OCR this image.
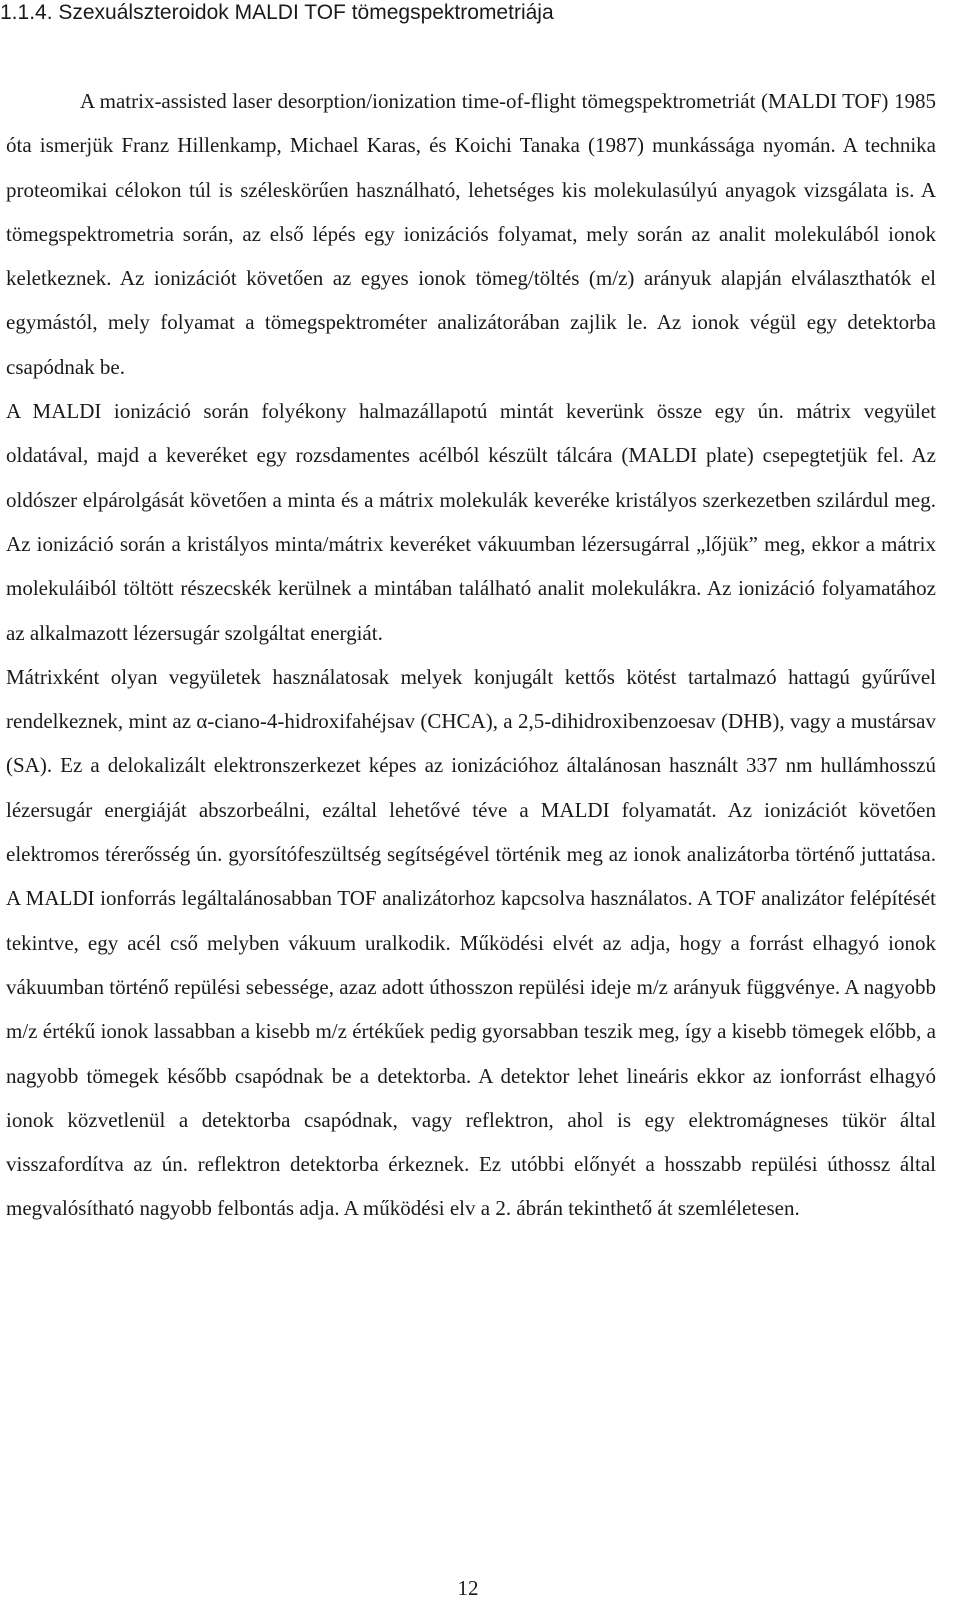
1.1.4. Szexuálszteroidok MALDI TOF tömegspektrometriája

A matrix-assisted laser desorption/ionization time-of-flight tömegspektrometriát (MALDI TOF) 1985 óta ismerjük Franz Hillenkamp, Michael Karas, és Koichi Tanaka (1987) munkássága nyomán. A technika proteomikai célokon túl is széleskörűen használható, lehetséges kis molekulasúlyú anyagok vizsgálata is. A tömegspektrometria során, az első lépés egy ionizációs folyamat, mely során az analit molekulából ionok keletkeznek. Az ionizációt követően az egyes ionok tömeg/töltés (m/z) arányuk alapján elválaszthatók el egymástól, mely folyamat a tömegspektrométer analizátorában zajlik le. Az ionok végül egy detektorba csapódnak be.

A MALDI ionizáció során folyékony halmazállapotú mintát keverünk össze egy ún. mátrix vegyület oldatával, majd a keveréket egy rozsdamentes acélból készült tálcára (MALDI plate) csepegtetjük fel. Az oldószer elpárolgását követően a minta és a mátrix molekulák keveréke kristályos szerkezetben szilárdul meg. Az ionizáció során a kristályos minta/mátrix keveréket vákuumban lézersugárral „lőjük” meg, ekkor a mátrix molekuláiból töltött részecskék kerülnek a mintában található analit molekulákra. Az ionizáció folyamatához az alkalmazott lézersugár szolgáltat energiát.

Mátrixként olyan vegyületek használatosak melyek konjugált kettős kötést tartalmazó hattagú gyűrűvel rendelkeznek, mint az α-ciano-4-hidroxifahéjsav (CHCA), a 2,5-dihidroxibenzoesav (DHB), vagy a mustársav (SA). Ez a delokalizált elektronszerkezet képes az ionizációhoz általánosan használt 337 nm hullámhosszú lézersugár energiáját abszorbeálni, ezáltal lehetővé téve a MALDI folyamatát. Az ionizációt követően elektromos térerősség ún. gyorsítófeszültség segítségével történik meg az ionok analizátorba történő juttatása. A MALDI ionforrás legáltalánosabban TOF analizátorhoz kapcsolva használatos. A TOF analizátor felépítését tekintve, egy acél cső melyben vákuum uralkodik. Működési elvét az adja, hogy a forrást elhagyó ionok vákuumban történő repülési sebessége, azaz adott úthosszon repülési ideje m/z arányuk függvénye. A nagyobb m/z értékű ionok lassabban a kisebb m/z értékűek pedig gyorsabban teszik meg, így a kisebb tömegek előbb, a nagyobb tömegek később csapódnak be a detektorba. A detektor lehet lineáris ekkor az ionforrást elhagyó ionok közvetlenül a detektorba csapódnak, vagy reflektron, ahol is egy elektromágneses tükör által visszafordítva az ún. reflektron detektorba érkeznek. Ez utóbbi előnyét a hosszabb repülési úthossz által megvalósítható nagyobb felbontás adja. A működési elv a 2. ábrán tekinthető át szemléletesen.

12
